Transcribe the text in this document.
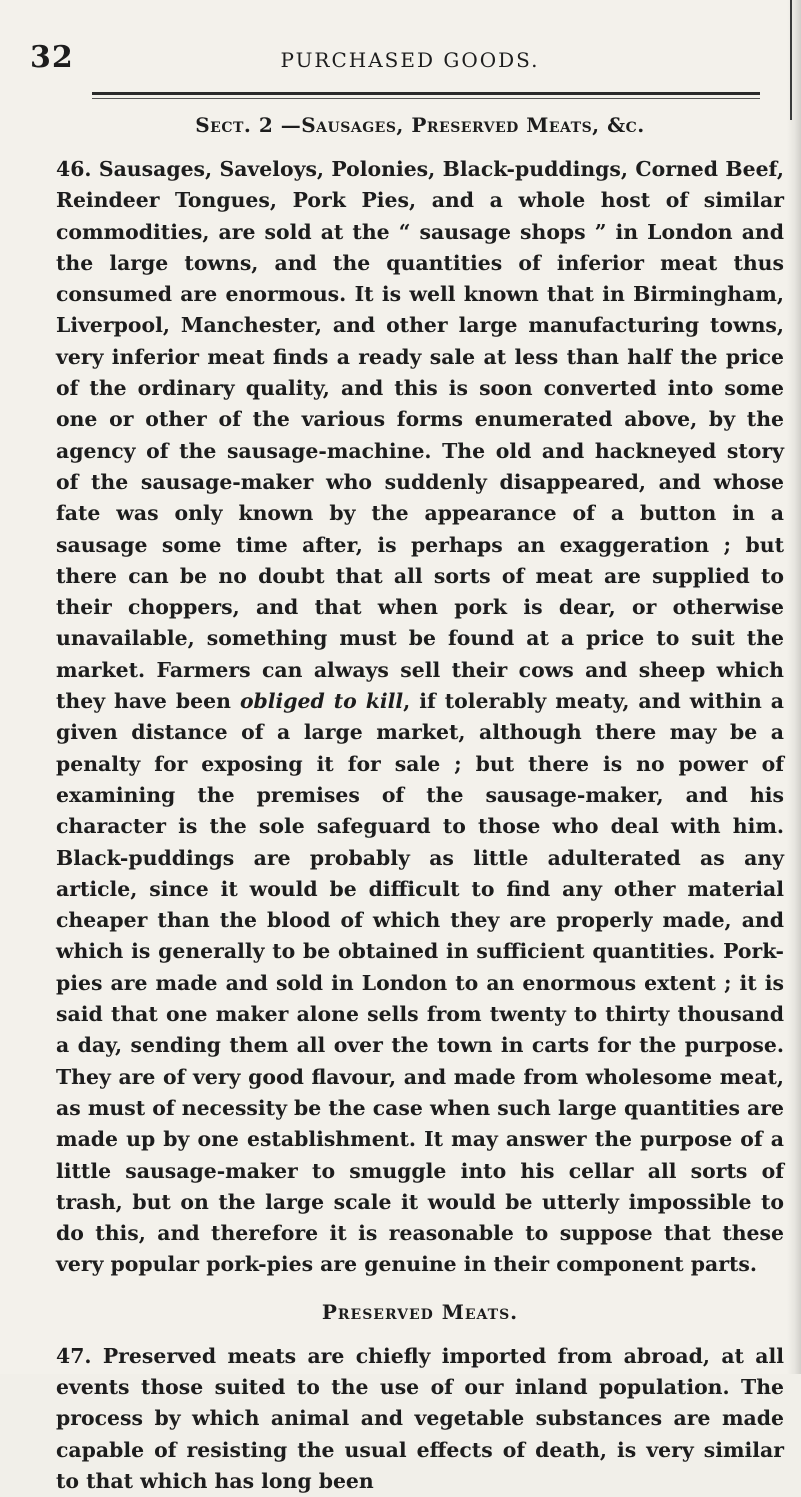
32	PURCHASED GOODS.
Sect. 2 —Sausages, Preserved Meats, &c.

46. Sausages, Saveloys, Polonies, Black-puddings, Corned Beef, Reindeer Tongues, Pork Pies, and a whole host of similar commodities, are sold at the “ sausage shops ” in London and the large towns, and the quantities of inferior meat thus consumed are enormous. It is well known that in Birmingham, Liverpool, Manchester, and other large manufacturing towns, very inferior meat finds a ready sale at less than half the price of the ordinary quality, and this is soon converted into some one or other of the various forms enumerated above, by the agency of the sausage-machine. The old and hackneyed story of the sausage-maker who suddenly disappeared, and whose fate was only known by the appearance of a button in a sausage some time after, is perhaps an exaggeration ; but there can be no doubt that all sorts of meat are supplied to their choppers, and that when pork is dear, or otherwise unavailable, something must be found at a price to suit the market. Farmers can always sell their cows and sheep which they have been obliged to kill, if tolerably meaty, and within a given distance of a large market, although there may be a penalty for exposing it for sale ; but there is no power of examining the premises of the sausage-maker, and his character is the sole safeguard to those who deal with him. Black-puddings are probably as little adulterated as any article, since it would be difficult to find any other material cheaper than the blood of which they are properly made, and which is generally to be obtained in sufficient quantities. Pork-pies are made and sold in London to an enormous extent ; it is said that one maker alone sells from twenty to thirty thousand a day, sending them all over the town in carts for the purpose. They are of very good flavour, and made from wholesome meat, as must of necessity be the case when such large quantities are made up by one establishment. It may answer the purpose of a little sausage-maker to smuggle into his cellar all sorts of trash, but on the large scale it would be utterly impossible to do this, and therefore it is reasonable to suppose that these very popular pork-pies are genuine in their component parts.

Preserved Meats.

47. Preserved meats are chiefly imported from abroad, at all events those suited to the use of our inland population. The process by which animal and vegetable substances are made capable of resisting the usual effects of death, is very similar to that which has long been
